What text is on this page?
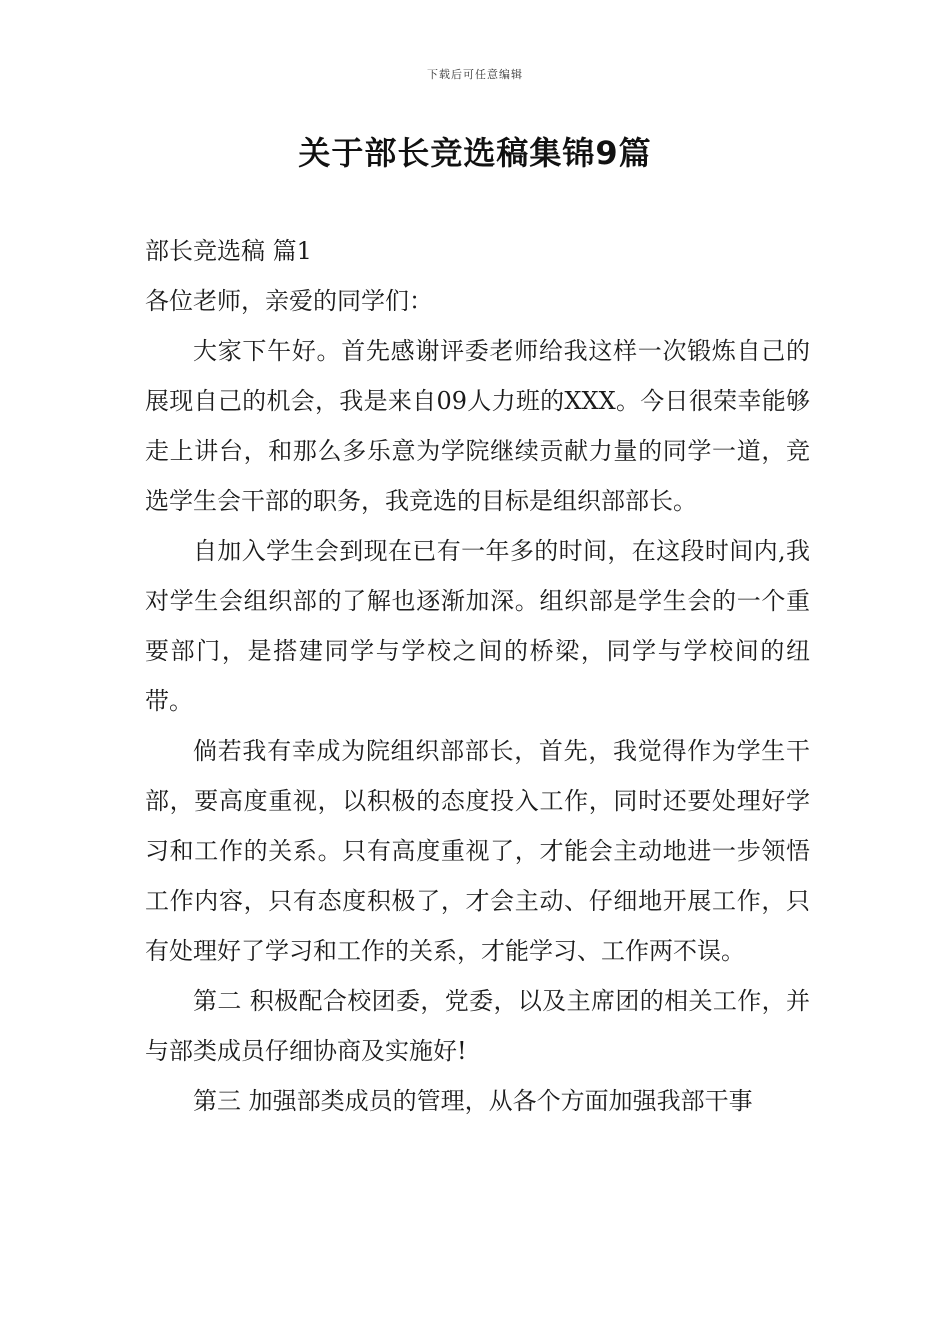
下载后可任意编辑
关于部长竞选稿集锦9篇

部长竞选稿 篇1

各位老师，亲爱的同学们：

大家下午好。首先感谢评委老师给我这样一次锻炼自己的展现自己的机会，我是来自09人力班的XXX。今日很荣幸能够走上讲台，和那么多乐意为学院继续贡献力量的同学一道，竞选学生会干部的职务，我竞选的目标是组织部部长。

自加入学生会到现在已有一年多的时间，在这段时间内,我对学生会组织部的了解也逐渐加深。组织部是学生会的一个重要部门，是搭建同学与学校之间的桥梁，同学与学校间的纽带。

倘若我有幸成为院组织部部长，首先，我觉得作为学生干部，要高度重视，以积极的态度投入工作，同时还要处理好学习和工作的关系。只有高度重视了，才能会主动地进一步领悟工作内容，只有态度积极了，才会主动、仔细地开展工作，只有处理好了学习和工作的关系，才能学习、工作两不误。

第二 积极配合校团委，党委，以及主席团的相关工作，并与部类成员仔细协商及实施好!

第三 加强部类成员的管理，从各个方面加强我部干事
